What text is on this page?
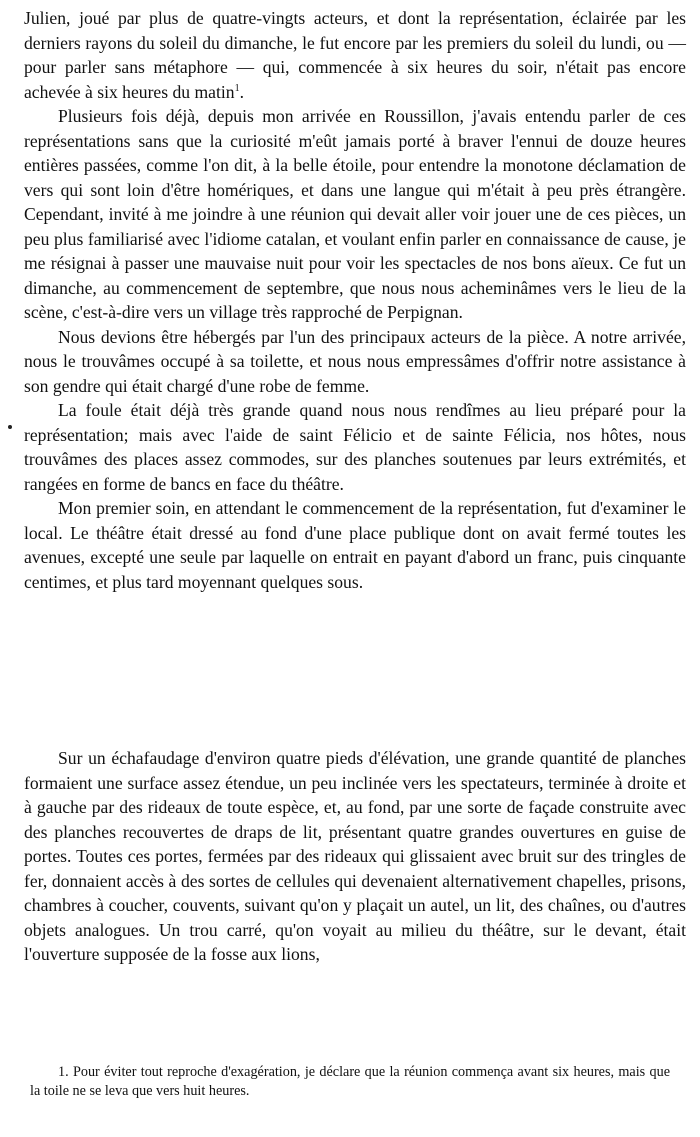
Julien, joué par plus de quatre-vingts acteurs, et dont la représentation, éclairée par les derniers rayons du soleil du dimanche, le fut encore par les premiers du soleil du lundi, ou — pour parler sans métaphore — qui, commencée à six heures du soir, n'était pas encore achevée à six heures du matin$^1$.

Plusieurs fois déjà, depuis mon arrivée en Roussillon, j'avais entendu parler de ces représentations sans que la curiosité m'eût jamais porté à braver l'ennui de douze heures entières passées, comme l'on dit, à la belle étoile, pour entendre la monotone déclamation de vers qui sont loin d'être homériques, et dans une langue qui m'était à peu près étrangère. Cependant, invité à me joindre à une réunion qui devait aller voir jouer une de ces pièces, un peu plus familiarisé avec l'idiome catalan, et voulant enfin parler en connaissance de cause, je me résignai à passer une mauvaise nuit pour voir les spectacles de nos bons aïeux. Ce fut un dimanche, au commencement de septembre, que nous nous acheminâmes vers le lieu de la scène, c'est-à-dire vers un village très rapproché de Perpignan.

Nous devions être hébergés par l'un des principaux acteurs de la pièce. A notre arrivée, nous le trouvâmes occupé à sa toilette, et nous nous empressâmes d'offrir notre assistance à son gendre qui était chargé d'une robe de femme.

La foule était déjà très grande quand nous nous rendîmes au lieu préparé pour la représentation; mais avec l'aide de saint Félicio et de sainte Félicia, nos hôtes, nous trouvâmes des places assez commodes, sur des planches soutenues par leurs extrémités, et rangées en forme de bancs en face du théâtre.

Mon premier soin, en attendant le commencement de la représentation, fut d'examiner le local. Le théâtre était dressé au fond d'une place publique dont on avait fermé toutes les avenues, excepté une seule par laquelle on entrait en payant d'abord un franc, puis cinquante centimes, et plus tard moyennant quelques sous.

Sur un échafaudage d'environ quatre pieds d'élévation, une grande quantité de planches formaient une surface assez étendue, un peu inclinée vers les spectateurs, terminée à droite et à gauche par des rideaux de toute espèce, et, au fond, par une sorte de façade construite avec des planches recouvertes de draps de lit, présentant quatre grandes ouvertures en guise de portes. Toutes ces portes, fermées par des rideaux qui glissaient avec bruit sur des tringles de fer, donnaient accès à des sortes de cellules qui devenaient alternativement chapelles, prisons, chambres à coucher, couvents, suivant qu'on y plaçait un autel, un lit, des chaînes, ou d'autres objets analogues. Un trou carré, qu'on voyait au milieu du théâtre, sur le devant, était l'ouverture supposée de la fosse aux lions,

1. Pour éviter tout reproche d'exagération, je déclare que la réunion commença avant six heures, mais que la toile ne se leva que vers huit heures.
